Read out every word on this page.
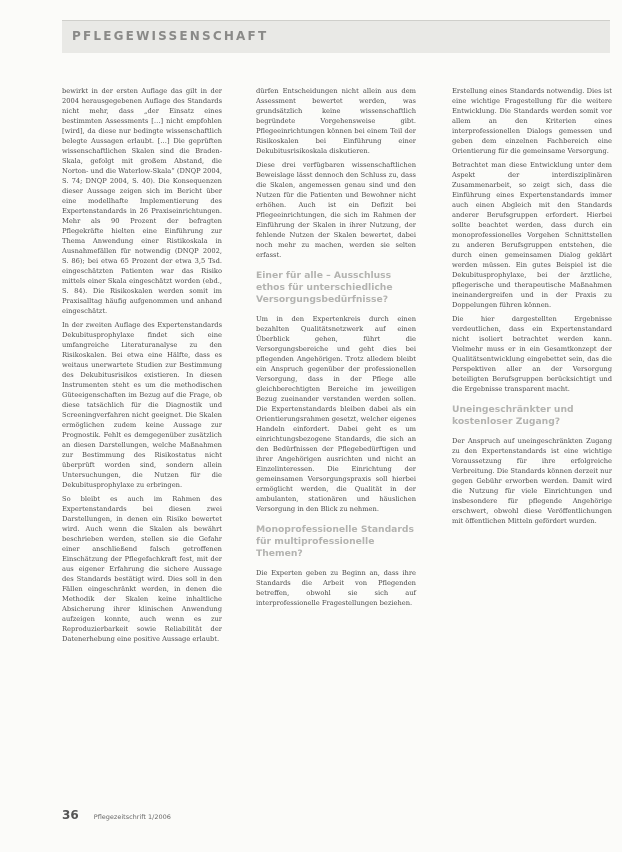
PFLEGEWISSENSCHAFT

bewirkt in der ersten Auflage das gilt in der 2004 herausgegebenen Auflage des Standards nicht mehr, dass „der Einsatz eines bestimmten Assessments […] nicht empfohlen [wird], da diese nur bedingte wissenschaftlich belegte Aussagen erlaubt. […] Die geprüften wissenschaftlichen Skalen sind die Braden-Skala, gefolgt mit großem Abstand, die Norton- und die Waterlow-Skala“ (DNQP 2004, S. 74; DNQP 2004, S. 40). Die Konsequenzen dieser Aussage zeigen sich im Bericht über eine modellhafte Implementierung des Expertenstandards in 26 Praxiseinrichtungen. Mehr als 90 Prozent der befragten Pflegekräfte hielten eine Einführung zur Thema Anwendung einer Ristikoskala in Ausnahmefällen für notwendig (DNQP 2002, S. 86); bei etwa 65 Prozent der etwa 3,5 Tsd. eingeschätzten Patienten war das Risiko mittels einer Skala eingeschätzt worden (ebd., S. 84). Die Risikoskalen werden somit im Praxisalltag häufig aufgenommen und anhand eingeschätzt.

In der zweiten Auflage des Expertenstandards Dekubitusprophylaxe findet sich eine umfangreiche Literaturanalyse zu den Risikoskalen. Bei etwa eine Hälfte, dass es weitaus unerwartete Studien zur Bestimmung des Dekubitusrisikos existieren. In diesen Instrumenten steht es um die methodischen Güteeigenschaften im Bezug auf die Frage, ob diese tatsächlich für die Diagnostik und Screeningverfahren nicht geeignet. Die Skalen ermöglichen zudem keine Aussage zur Prognostik. Fehlt es demgegenüber zusätzlich an diesen Darstellungen, welche Maßnahmen zur Bestimmung des Risikostatus nicht überprüft worden sind, sondern allein Untersuchungen, die Nutzen für die Dekubitusprophylaxe zu erbringen.

So bleibt es auch im Rahmen des Expertenstandards bei diesen zwei Darstellungen, in denen ein Risiko bewertet wird. Auch wenn die Skalen als bewährt beschrieben werden, stellen sie die Gefahr einer anschließend falsch getroffenen Einschätzung der Pflegefachkraft fest, mit der aus eigener Erfahrung die sichere Aussage des Standards bestätigt wird. Dies soll in den Fällen eingeschränkt werden, in denen die Methodik der Skalen keine inhaltliche Absicherung ihrer klinischen Anwendung aufzeigen konnte, auch wenn es zur Reproduzierbarkeit sowie Reliabilität der Datenerhebung eine positive Aussage erlaubt.

dürfen Entscheidungen nicht allein aus dem Assessment bewertet werden, was grundsätzlich keine wissenschaftlich begründete Vorgehensweise gibt. Pflegeeinrichtungen können bei einem Teil der Risikoskalen bei Einführung einer Dekubitusrisikoskala diskutieren.

Diese drei verfügbaren wissenschaftlichen Beweislage lässt dennoch den Schluss zu, dass die Skalen, angemessen genau sind und den Nutzen für die Patienten und Bewohner nicht erhöhen. Auch ist ein Defizit bei Pflegeeinrichtungen, die sich im Rahmen der Einführung der Skalen in ihrer Nutzung, der fehlende Nutzen der Skalen bewertet, dabei noch mehr zu machen, werden sie selten erfasst.

Einer für alle – Ausschluss ethos für unterschiedliche Versorgungsbedürfnisse?

Um in den Expertenkreis durch einen bezahlten Qualitätsnetzwerk auf einen Überblick gehen, führt die Versorgungsbereiche und geht dies bei pflegenden Angehörigen. Trotz alledem bleibt ein Anspruch gegenüber der professionellen Versorgung, dass in der Pflege alle gleichberechtigten Bereiche im jeweiligen Bezug zueinander verstanden werden sollen. Die Expertenstandards bleiben dabei als ein Orientierungsrahmen gesetzt, welcher eigenes Handeln einfordert. Dabei geht es um einrichtungsbezogene Standards, die sich an den Bedürfnissen der Pflegebedürftigen und ihrer Angehörigen ausrichten und nicht an Einzelinteressen. Die Einrichtung der gemeinsamen Versorgungspraxis soll hierbei ermöglicht werden, die Qualität in der ambulanten, stationären und häuslichen Versorgung in den Blick zu nehmen.

Monoprofessionelle Standards für multiprofessionelle Themen?

Die Experten geben zu Beginn an, dass ihre Standards die Arbeit von Pflegenden betreffen, obwohl sie sich auf interprofessionelle Fragestellungen beziehen.

Erstellung eines Standards notwendig. Dies ist eine wichtige Fragestellung für die weitere Entwicklung. Die Standards werden somit vor allem an den Kriterien eines interprofessionellen Dialogs gemessen und geben dem einzelnen Fachbereich eine Orientierung für die gemeinsame Versorgung.

Betrachtet man diese Entwicklung unter dem Aspekt der interdisziplinären Zusammenarbeit, so zeigt sich, dass die Einführung eines Expertenstandards immer auch einen Abgleich mit den Standards anderer Berufsgruppen erfordert. Hierbei sollte beachtet werden, dass durch ein monoprofessionelles Vorgehen Schnittstellen zu anderen Berufsgruppen entstehen, die durch einen gemeinsamen Dialog geklärt werden müssen. Ein gutes Beispiel ist die Dekubitusprophylaxe, bei der ärztliche, pflegerische und therapeutische Maßnahmen ineinandergreifen und in der Praxis zu Doppelungen führen können.

Die hier dargestellten Ergebnisse verdeutlichen, dass ein Expertenstandard nicht isoliert betrachtet werden kann. Vielmehr muss er in ein Gesamtkonzept der Qualitätsentwicklung eingebettet sein, das die Perspektiven aller an der Versorgung beteiligten Berufsgruppen berücksichtigt und die Ergebnisse transparent macht.

Uneingeschränkter und kostenloser Zugang?

Der Anspruch auf uneingeschränkten Zugang zu den Expertenstandards ist eine wichtige Voraussetzung für ihre erfolgreiche Verbreitung. Die Standards können derzeit nur gegen Gebühr erworben werden. Damit wird die Nutzung für viele Einrichtungen und insbesondere für pflegende Angehörige erschwert, obwohl diese Veröffentlichungen mit öffentlichen Mitteln gefördert wurden.

36 Pflegezeitschrift 1/2006
